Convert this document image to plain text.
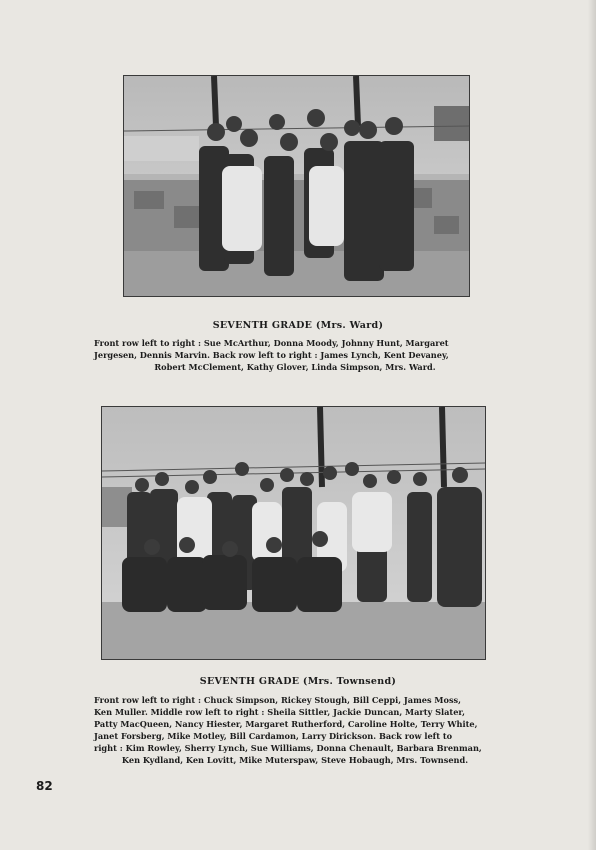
SEVENTH GRADE (Mrs. Ward)
Front row left to right : Sue McArthur, Donna Moody, Johnny Hunt, Margaret
Jergesen, Dennis Marvin. Back row left to right : James Lynch, Kent Devaney,
Robert McClement, Kathy Glover, Linda Simpson, Mrs. Ward.
SEVENTH GRADE (Mrs. Townsend)
Front row left to right : Chuck Simpson, Rickey Stough, Bill Ceppi, James Moss,
Ken Muller. Middle row left to right : Sheila Sittler, Jackie Duncan, Marty Slater,
Patty MacQueen, Nancy Hiester, Margaret Rutherford, Caroline Holte, Terry White,
Janet Forsberg, Mike Motley, Bill Cardamon, Larry Dirickson. Back row left to
right : Kim Rowley, Sherry Lynch, Sue Williams, Donna Chenault, Barbara Brenman,
Ken Kydland, Ken Lovitt, Mike Muterspaw, Steve Hobaugh, Mrs. Townsend.
82
